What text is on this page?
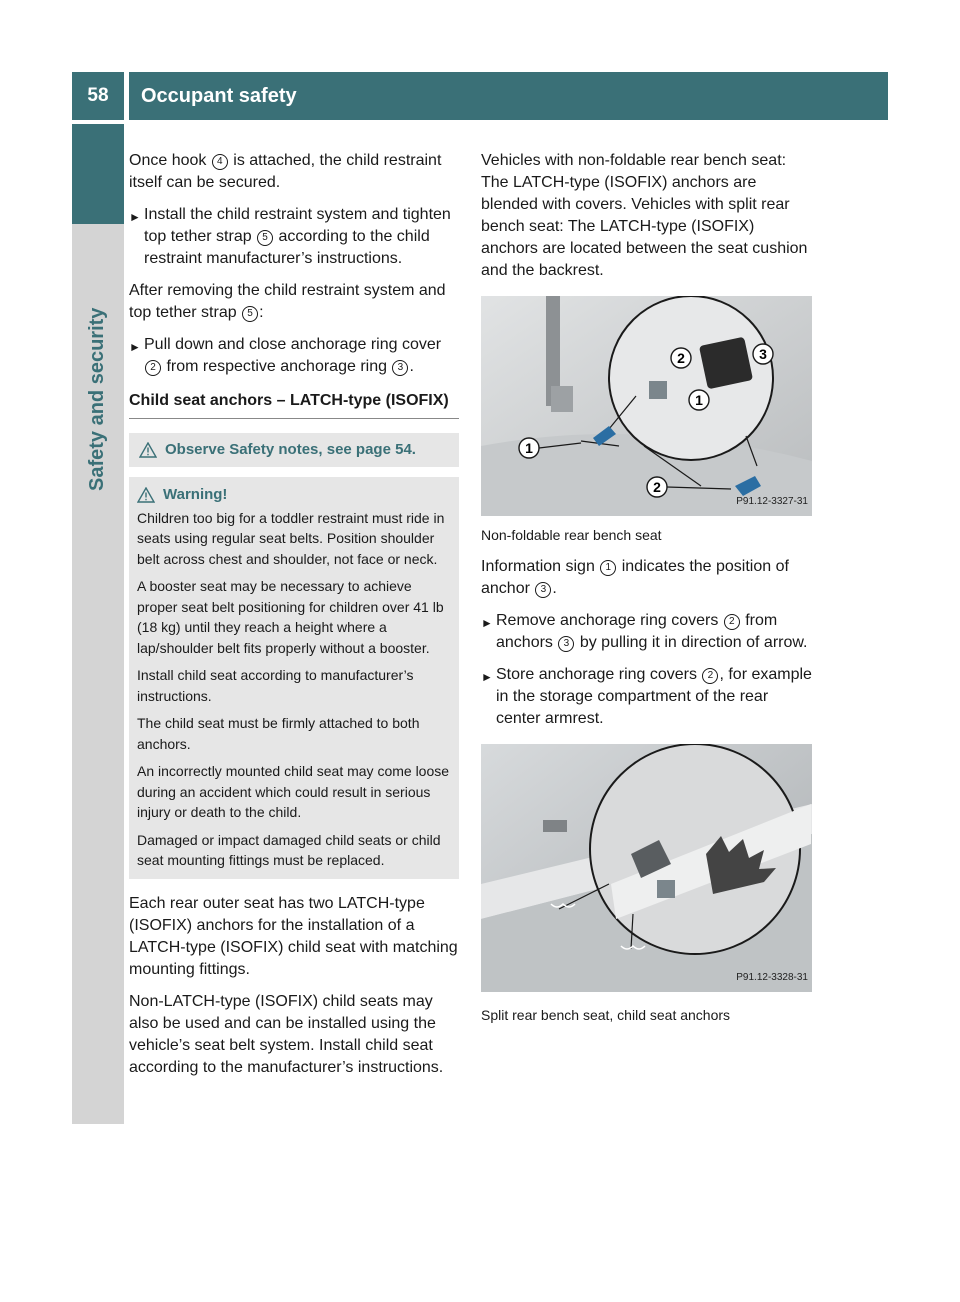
58	Occupant safety
Safety and security

Once hook 4 is attached, the child restraint itself can be secured.

► Install the child restraint system and tighten top tether strap 5 according to the child restraint manufacturer’s instructions.

After removing the child restraint system and top tether strap 5 :

► Pull down and close anchorage ring cover 2 from respective anchorage ring 3 .
Child seat anchors – LATCH-type (ISOFIX)
Observe Safety notes, see page 54.
Warning!

Children too big for a toddler restraint must ride in seats using regular seat belts. Position shoulder belt across chest and shoulder, not face or neck.

A booster seat may be necessary to achieve proper seat belt positioning for children over 41 lb (18 kg) until they reach a height where a lap/shoulder belt fits properly without a booster.

Install child seat according to manufacturer’s instructions.

The child seat must be firmly attached to both anchors.

An incorrectly mounted child seat may come loose during an accident which could result in serious injury or death to the child.

Damaged or impact damaged child seats or child seat mounting fittings must be replaced.

Each rear outer seat has two LATCH-type (ISOFIX) anchors for the installation of a LATCH-type (ISOFIX) child seat with matching mounting fittings.

Non-LATCH-type (ISOFIX) child seats may also be used and can be installed using the vehicle’s seat belt system. Install child seat according to the manufacturer’s instructions.

Vehicles with non-foldable rear bench seat: The LATCH-type (ISOFIX) anchors are blended with covers. Vehicles with split rear bench seat: The LATCH-type (ISOFIX) anchors are located between the seat cushion and the backrest.

2	3
1
1
2
P91.12-3327-31
Non-foldable rear bench seat

Information sign 1 indicates the position of anchor 3 .

► Remove anchorage ring covers 2 from anchors 3 by pulling it in direction of arrow.
► Store anchorage ring covers 2 , for example in the storage compartment of the rear center armrest.
P91.12-3328-31
Split rear bench seat, child seat anchors
